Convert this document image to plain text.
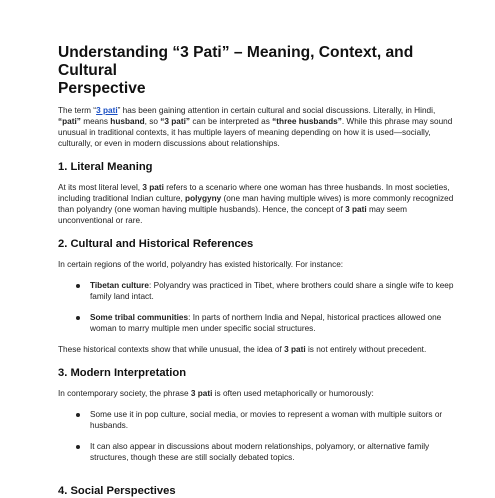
Understanding “3 Pati” – Meaning, Context, and Cultural
Perspective

The term “3 pati” has been gaining attention in certain cultural and social discussions. Literally, in Hindi, “pati” means husband, so “3 pati” can be interpreted as “three husbands”. While this phrase may sound unusual in traditional contexts, it has multiple layers of meaning depending on how it is used—socially, culturally, or even in modern discussions about relationships.

1. Literal Meaning

At its most literal level, 3 pati refers to a scenario where one woman has three husbands. In most societies, including traditional Indian culture, polygyny (one man having multiple wives) is more commonly recognized than polyandry (one woman having multiple husbands). Hence, the concept of 3 pati may seem unconventional or rare.

2. Cultural and Historical References

In certain regions of the world, polyandry has existed historically. For instance:

Tibetan culture: Polyandry was practiced in Tibet, where brothers could share a single wife to keep family land intact.
Some tribal communities: In parts of northern India and Nepal, historical practices allowed one woman to marry multiple men under specific social structures.

These historical contexts show that while unusual, the idea of 3 pati is not entirely without precedent.

3. Modern Interpretation

In contemporary society, the phrase 3 pati is often used metaphorically or humorously:

Some use it in pop culture, social media, or movies to represent a woman with multiple suitors or husbands.
It can also appear in discussions about modern relationships, polyamory, or alternative family structures, though these are still socially debated topics.
4. Social Perspectives
